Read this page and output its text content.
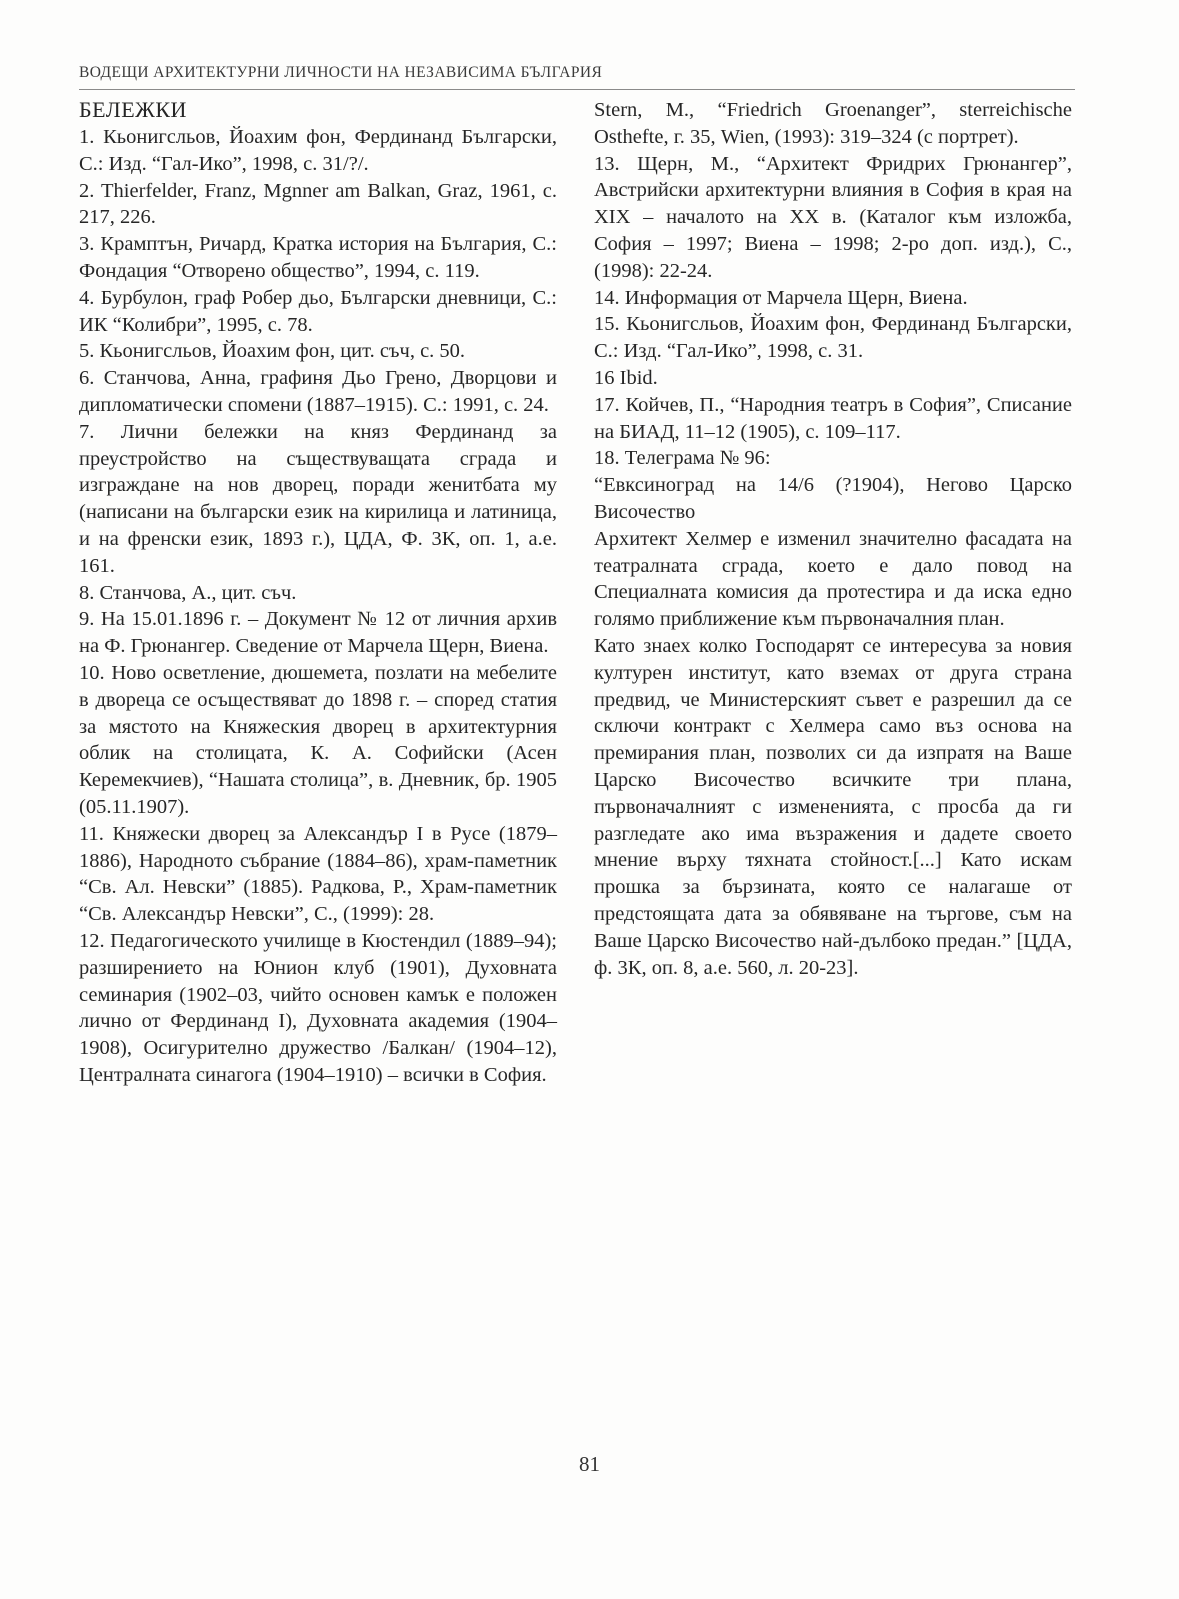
ВОДЕЩИ АРХИТЕКТУРНИ ЛИЧНОСТИ НА НЕЗАВИСИМА БЪЛГАРИЯ
БЕЛЕЖКИ

1. Кьонигсльов, Йоахим фон, Фердинанд Български, С.: Изд. “Гал-Ико”, 1998, с. 31/?/.

2. Thierfelder, Franz, Mgnner am Balkan, Graz, 1961, с. 217, 226.

3. Крамптън, Ричард, Кратка история на България, С.: Фондация “Отворено общество”, 1994, с. 119.

4. Бурбулон, граф Робер дьо, Български дневници, С.: ИК “Колибри”, 1995, с. 78.

5. Кьонигсльов, Йоахим фон, цит. съч, с. 50.

6. Станчова, Анна, графиня Дьо Грено, Дворцови и дипломатически спомени (1887–1915). С.: 1991, с. 24.

7. Лични бележки на княз Фердинанд за преустройство на съществуващата сграда и изграждане на нов дворец, поради женитбата му (написани на български език на кирилица и латиница, и на френски език, 1893 г.), ЦДА, Ф. 3К, оп. 1, а.е. 161.

8. Станчова, А., цит. съч.

9. На 15.01.1896 г. – Документ № 12 от личния архив на Ф. Грюнангер. Сведение от Марчела Щерн, Виена.

10. Ново осветление, дюшемета, позлати на мебелите в двореца се осъществяват до 1898 г. – според статия за мястото на Княжеския дворец в архитектурния облик на столицата, К. А. Софийски (Асен Керемекчиев), “Нашата столица”, в. Дневник, бр. 1905 (05.11.1907).

11. Княжески дворец за Александър I в Русе (1879–1886), Народното събрание (1884–86), храм-паметник “Св. Ал. Невски” (1885). Радкова, Р., Храм-паметник “Св. Александър Невски”, С., (1999): 28.

12. Педагогическото училище в Кюстендил (1889–94); разширението на Юнион клуб (1901), Духовната семинария (1902–03, чийто основен камък е положен лично от Фердинанд I), Духовната академия (1904–1908), Осигурително дружество /Балкан/ (1904–12), Централната синагога (1904–1910) – всички в София.

Stern, M., “Friedrich Groenanger”, sterreichische Osthefte, г. 35, Wien, (1993): 319–324 (с портрет).

13. Щерн, М., “Архитект Фридрих Грюнангер”, Австрийски архитектурни влияния в София в края на XIX – началото на XX в. (Каталог към изложба, София – 1997; Виена – 1998; 2-ро доп. изд.), С., (1998): 22-24.

14. Информация от Марчела Щерн, Виена.

15. Кьонигсльов, Йоахим фон, Фердинанд Български, С.: Изд. “Гал-Ико”, 1998, с. 31.

16 Ibid.

17. Койчев, П., “Народния театръ в София”, Списание на БИАД, 11–12 (1905), с. 109–117.

18. Телеграма № 96:

“Евксиноград на 14/6 (?1904), Негово Царско Височество

Архитект Хелмер е изменил значително фасадата на театралната сграда, което е дало повод на Специалната комисия да протестира и да иска едно голямо приближение към първоначалния план.

Като знаех колко Господарят се интересува за новия културен институт, като вземах от друга страна предвид, че Министерският съвет е разрешил да се сключи контракт с Хелмера само въз основа на премирания план, позволих си да изпратя на Ваше Царско Височество всичките три плана, първоначалният с измененията, с просба да ги разгледате ако има възражения и дадете своето мнение върху тяхната стойност.[...] Като искам прошка за бързината, която се налагаше от предстоящата дата за обявяване на търгове, съм на Ваше Царско Височество най-дълбоко предан.” [ЦДА, ф. 3К, оп. 8, а.е. 560, л. 20-23].

81
